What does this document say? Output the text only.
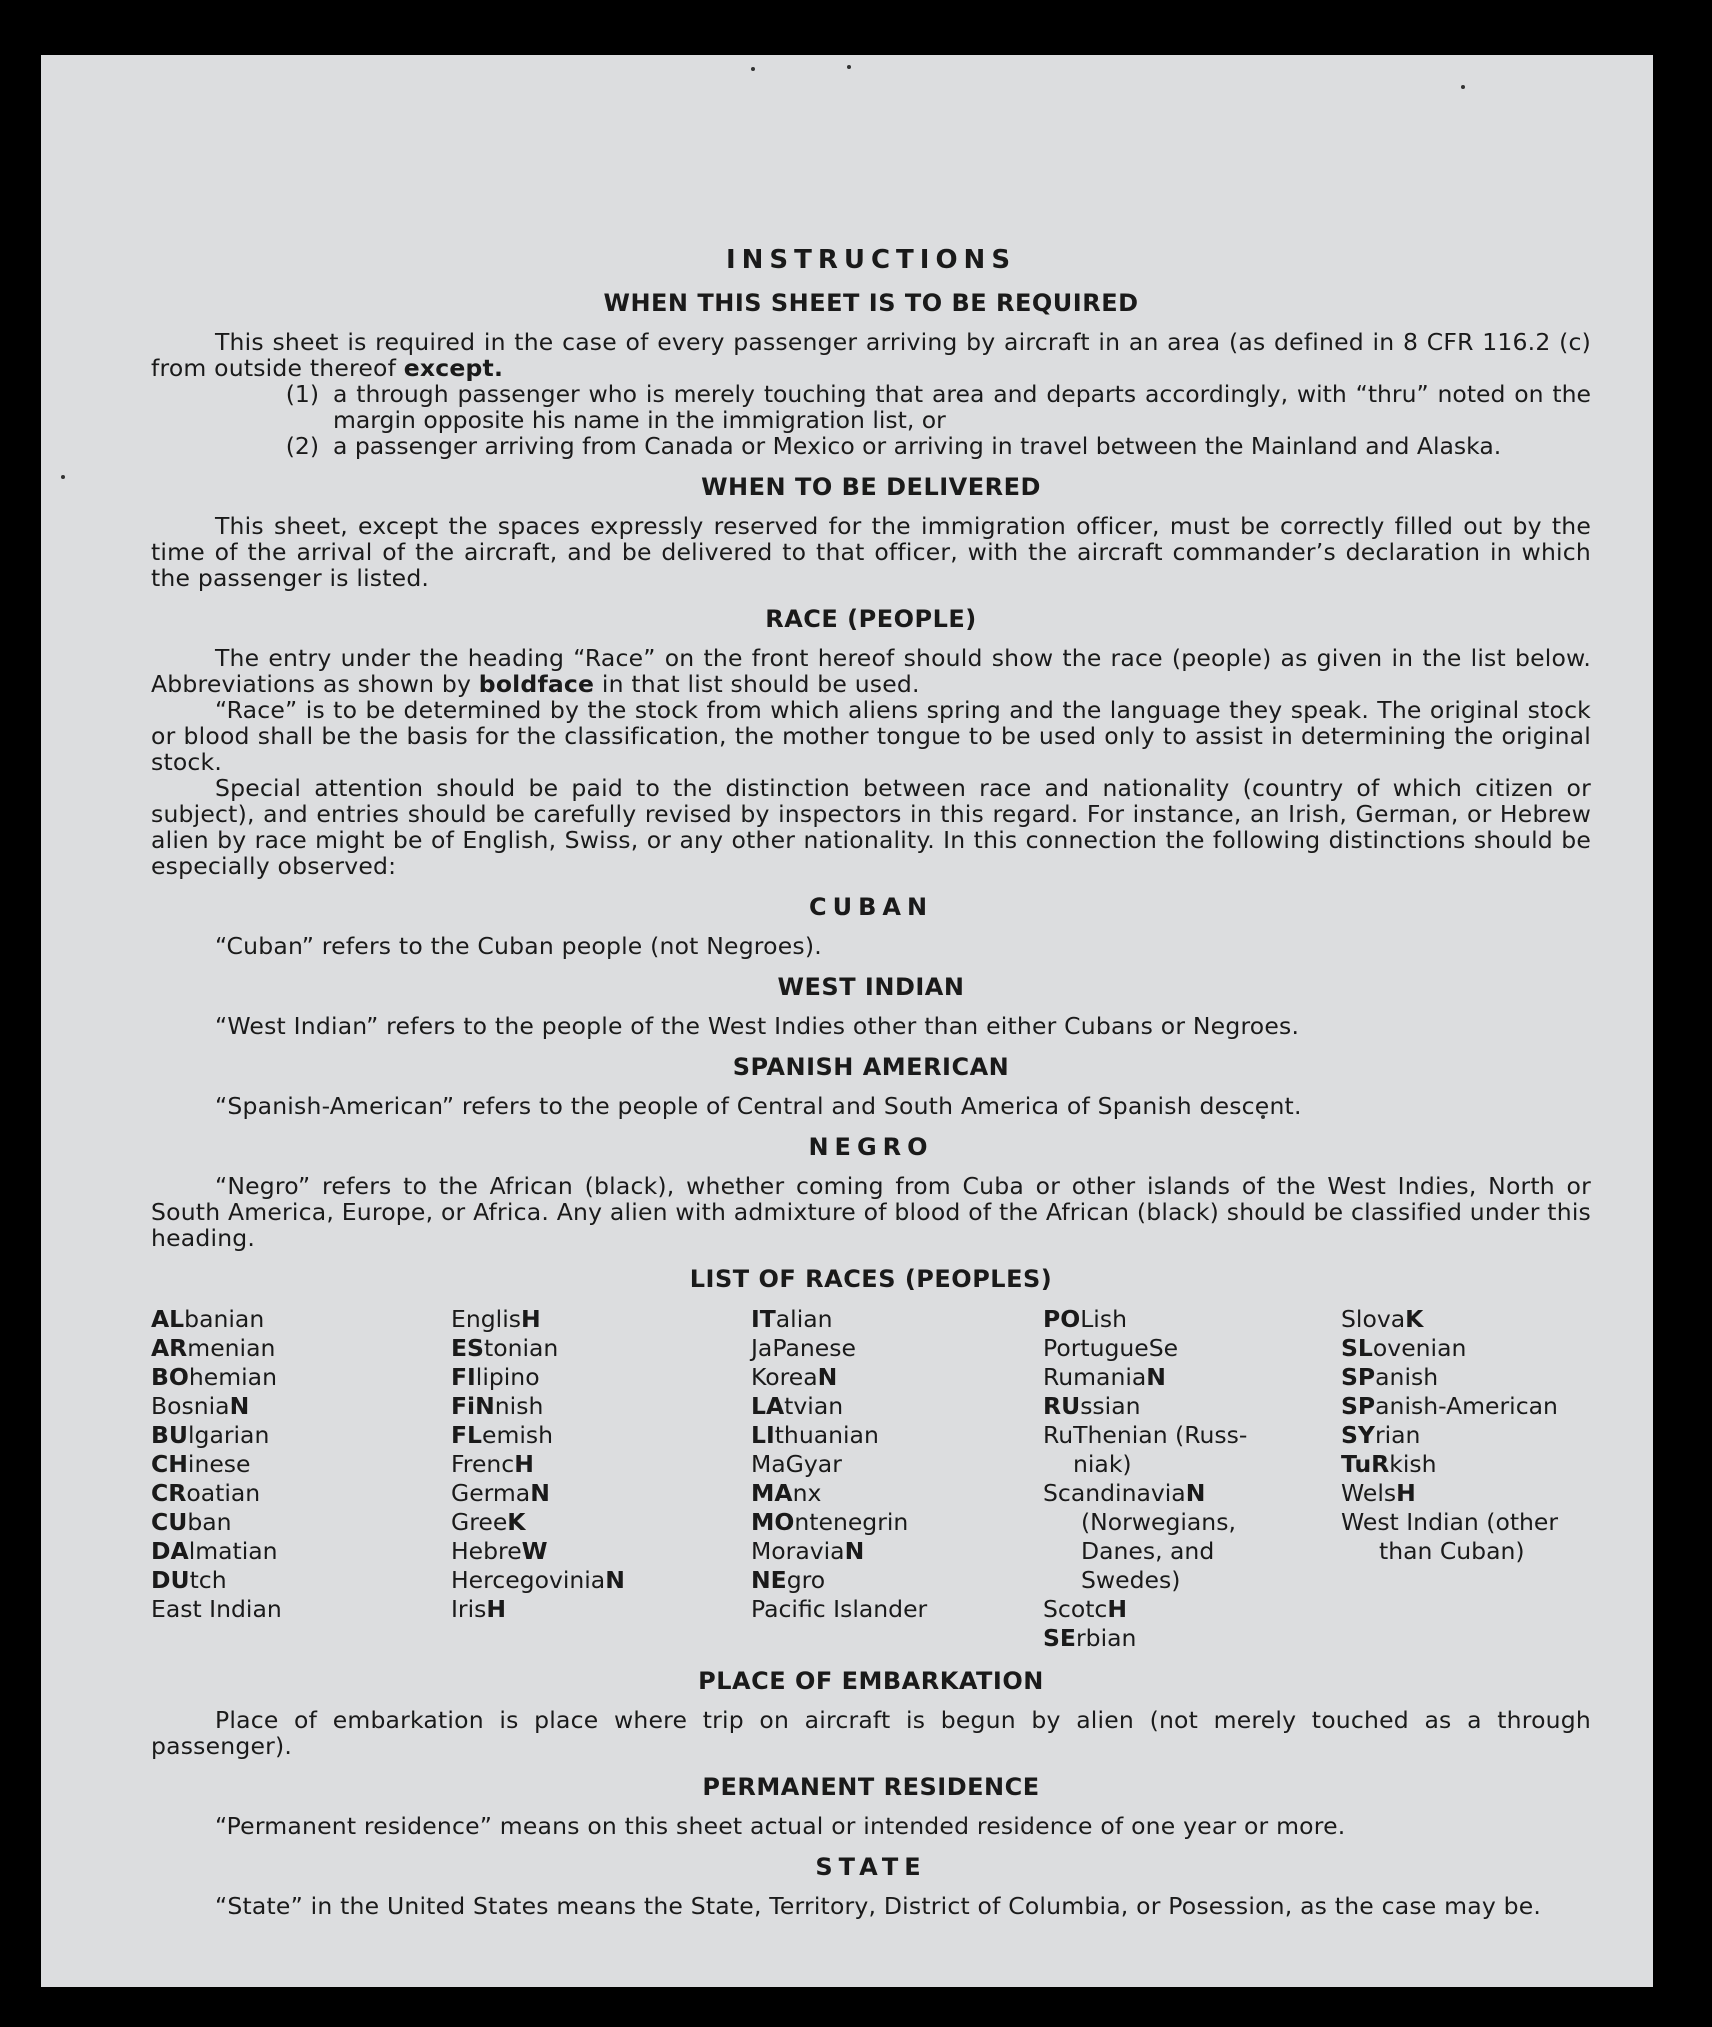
INSTRUCTIONS
WHEN THIS SHEET IS TO BE REQUIRED

This sheet is required in the case of every passenger arriving by aircraft in an area (as defined in 8 CFR 116.2 (c) from outside thereof except.

(1) a through passenger who is merely touching that area and departs accordingly, with “thru” noted on the margin opposite his name in the immigration list, or
(2) a passenger arriving from Canada or Mexico or arriving in travel between the Mainland and Alaska.
WHEN TO BE DELIVERED

This sheet, except the spaces expressly reserved for the immigration officer, must be correctly filled out by the time of the arrival of the aircraft, and be delivered to that officer, with the aircraft commander’s declaration in which the passenger is listed.

RACE (PEOPLE)

The entry under the heading “Race” on the front hereof should show the race (people) as given in the list below. Abbreviations as shown by boldface in that list should be used.

“Race” is to be determined by the stock from which aliens spring and the language they speak. The original stock or blood shall be the basis for the classification, the mother tongue to be used only to assist in determining the original stock.

Special attention should be paid to the distinction between race and nationality (country of which citizen or subject), and entries should be carefully revised by inspectors in this regard. For instance, an Irish, German, or Hebrew alien by race might be of English, Swiss, or any other nationality. In this connection the following distinctions should be especially observed:

CUBAN

“Cuban” refers to the Cuban people (not Negroes).

WEST INDIAN

“West Indian” refers to the people of the West Indies other than either Cubans or Negroes.

SPANISH AMERICAN

“Spanish-American” refers to the people of Central and South America of Spanish descent.

NEGRO

“Negro” refers to the African (black), whether coming from Cuba or other islands of the West Indies, North or South America, Europe, or Africa. Any alien with admixture of blood of the African (black) should be classified under this heading.

LIST OF RACES (PEOPLES)
ALbanian
ARmenian
BOhemian
BosniaN
BUlgarian
CHinese
CRoatian
CUban
DAlmatian
DUtch
East Indian
EnglisH
EStonian
FIlipino
FiNnish
FLemish
FrencH
GermaN
GreeK
HebreW
HercegoviniaN
IrisH
ITalian
JaPanese
KoreaN
LAtvian
LIthuanian
MaGyar
MAnx
MOntenegrin
MoraviaN
NEgro
Pacific Islander
POLish
PortugueSe
RumaniaN
RUssian
RuThenian (Russ-
niak)
ScandinaviaN
(Norwegians,
Danes, and
Swedes)
ScotcH
SErbian
SlovaK
SLovenian
SPanish
SPanish-American
SYrian
TuRkish
WelsH
West Indian (other
than Cuban)
PLACE OF EMBARKATION

Place of embarkation is place where trip on aircraft is begun by alien (not merely touched as a through passenger).

PERMANENT RESIDENCE

“Permanent residence” means on this sheet actual or intended residence of one year or more.

STATE

“State” in the United States means the State, Territory, District of Columbia, or Posession, as the case may be.
